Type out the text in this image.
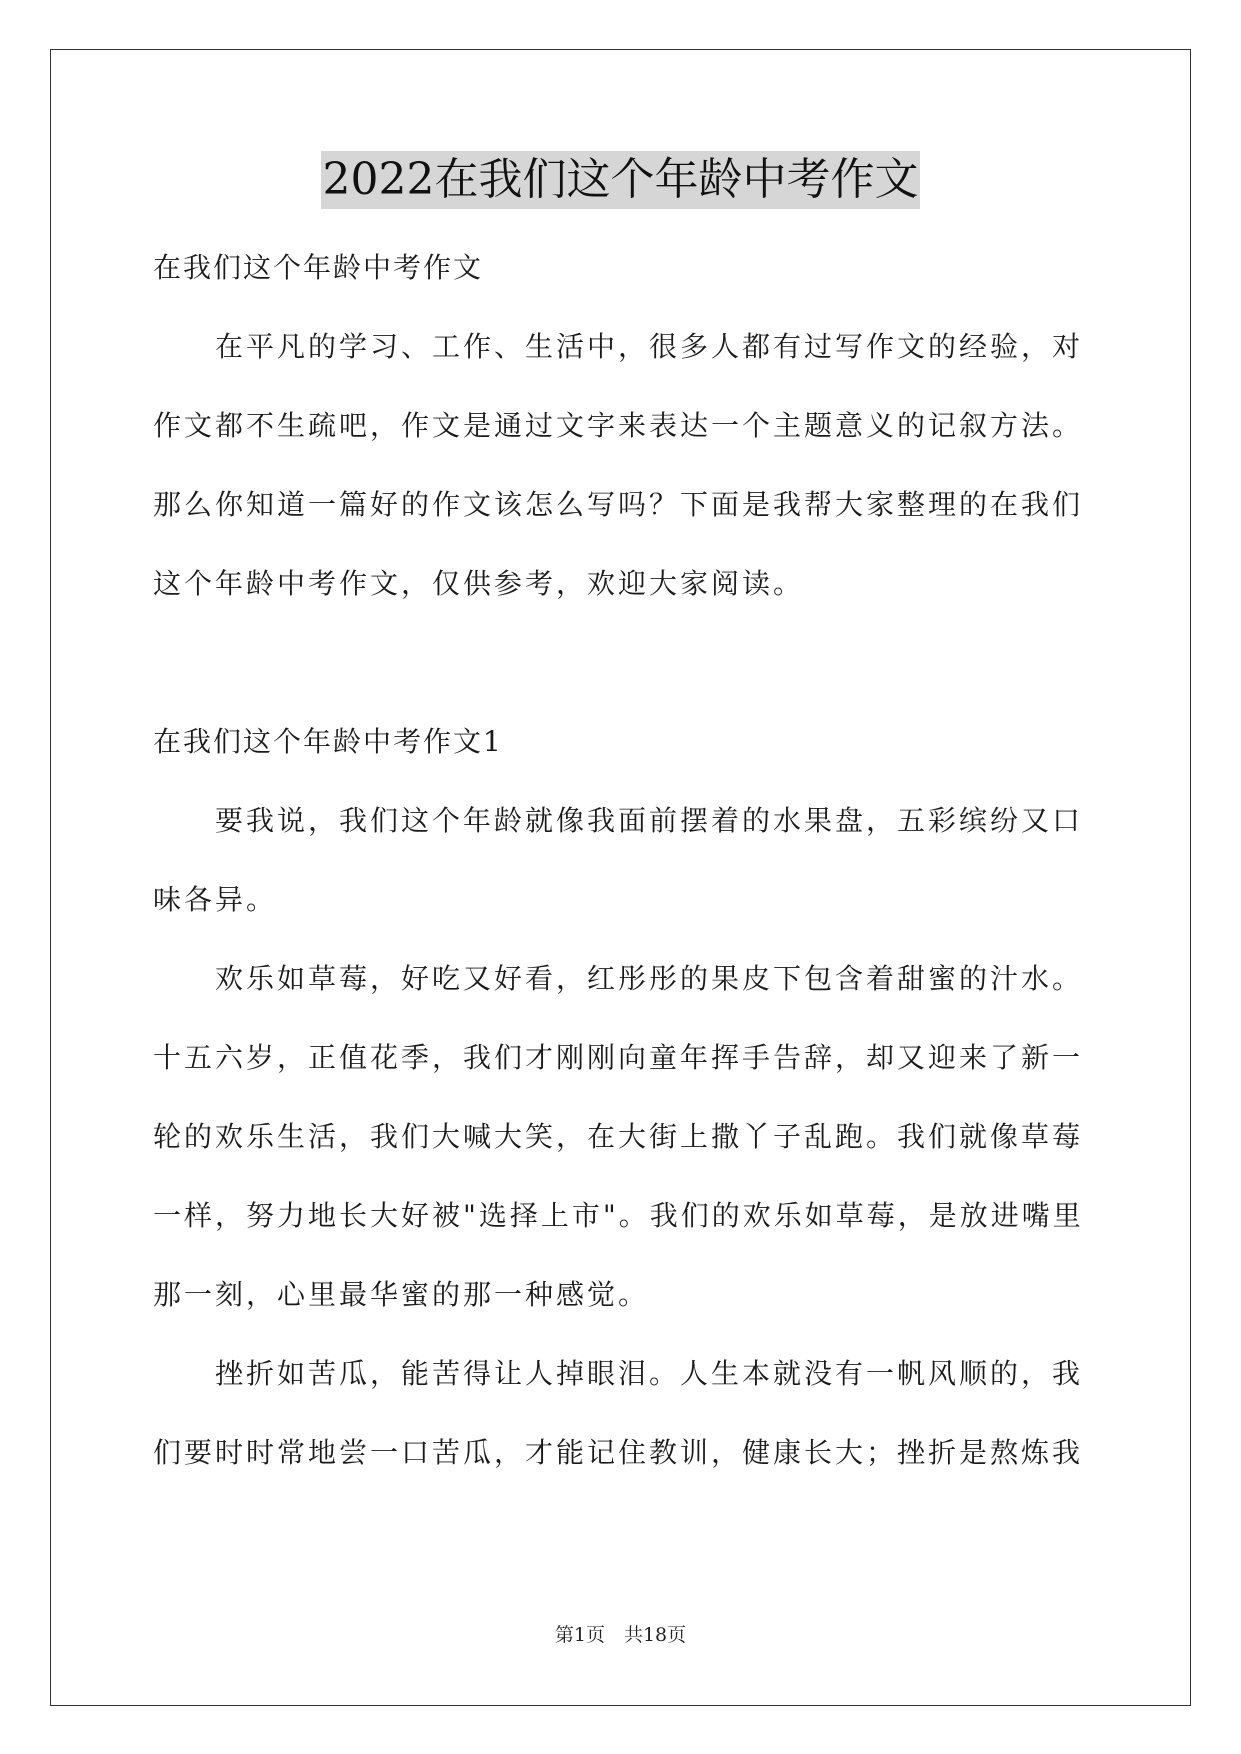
2022在我们这个年龄中考作文
在我们这个年龄中考作文
　　在平凡的学习、工作、生活中，很多人都有过写作文的经验，对
作文都不生疏吧，作文是通过文字来表达一个主题意义的记叙方法。
那么你知道一篇好的作文该怎么写吗？下面是我帮大家整理的在我们
这个年龄中考作文，仅供参考，欢迎大家阅读。
在我们这个年龄中考作文1
　　要我说，我们这个年龄就像我面前摆着的水果盘，五彩缤纷又口
味各异。
　　欢乐如草莓，好吃又好看，红彤彤的果皮下包含着甜蜜的汁水。
十五六岁，正值花季，我们才刚刚向童年挥手告辞，却又迎来了新一
轮的欢乐生活，我们大喊大笑，在大街上撒丫子乱跑。我们就像草莓
一样，努力地长大好被"选择上市"。我们的欢乐如草莓，是放进嘴里
那一刻，心里最华蜜的那一种感觉。
　　挫折如苦瓜，能苦得让人掉眼泪。人生本就没有一帆风顺的，我
们要时时常地尝一口苦瓜，才能记住教训，健康长大；挫折是熬炼我
第1页　共18页
